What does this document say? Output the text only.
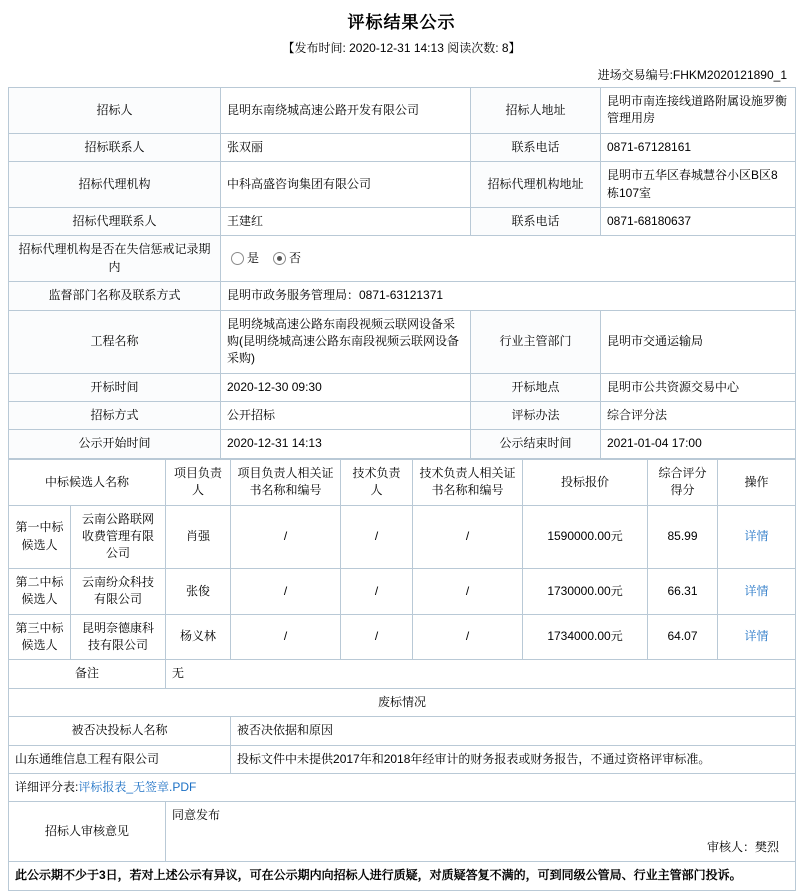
评标结果公示
【发布时间: 2020-12-31 14:13 阅读次数: 8】
进场交易编号:FHKM2020121890_1
招标人	昆明东南绕城高速公路开发有限公司	招标人地址	昆明市南连接线道路附属设施罗衡管理用房
招标联系人	张双丽	联系电话	0871-67128161
招标代理机构	中科高盛咨询集团有限公司	招标代理机构地址	昆明市五华区春城慧谷小区B区8栋107室
招标代理联系人	王建红	联系电话	0871-68180637
招标代理机构是否在失信惩戒记录期内	是 否		

监督部门名称及联系方式	昆明市政务服务管理局：0871-63121371		
工程名称	昆明绕城高速公路东南段视频云联网设备采购(昆明绕城高速公路东南段视频云联网设备采购)	行业主管部门	昆明市交通运输局
开标时间	2020-12-30 09:30	开标地点	昆明市公共资源交易中心
招标方式	公开招标	评标办法	综合评分法
公示开始时间	2020-12-31 14:13	公示结束时间	2021-01-04 17:00
中标候选人名称		项目负责人	项目负责人相关证书名称和编号	技术负责人	技术负责人相关证书名称和编号	投标报价	综合评分得分	操作
第一中标候选人	云南公路联网收费管理有限公司	肖强	/	/	/	1590000.00元	85.99	详情
第二中标候选人	云南纷众科技有限公司	张俊	/	/	/	1730000.00元	66.31	详情
第三中标候选人	昆明奈德康科技有限公司	杨义林	/	/	/	1734000.00元	64.07	详情
备注		无						
废标情况								
被否决投标人名称			被否决依据和原因					
山东通维信息工程有限公司			投标文件中未提供2017年和2018年经审计的财务报表或财务报告，不通过资格评审标准。					
详细评分表:评标报表_无签章.PDF								
招标人审核意见		同意发布
审核人：樊烈						

此公示期不少于3日，若对上述公示有异议，可在公示期内向招标人进行质疑，对质疑答复不满的，可到同级公管局、行业主管部门投诉。								
